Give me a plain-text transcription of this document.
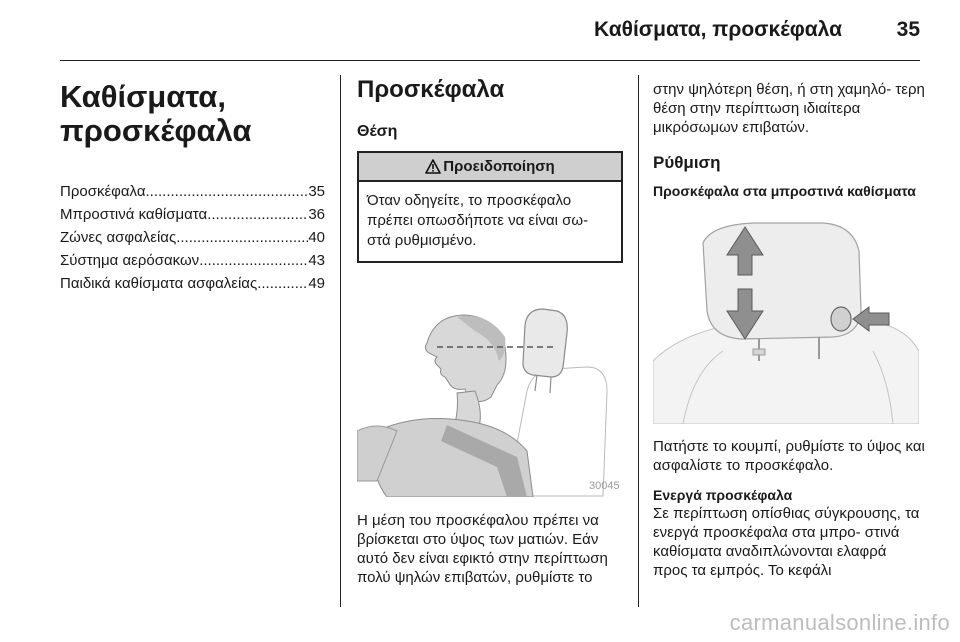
Καθίσματα, προσκέφαλα	35
Καθίσματα,
προσκέφαλα
Προσκέφαλα .....	35
Μπροστινά καθίσματα .....	36
Ζώνες ασφαλείας .....	40
Σύστημα αερόσακων .....	43
Παιδικά καθίσματα ασφαλείας .....	49
Προσκέφαλα
Θέση
Προειδοποίηση
Όταν οδηγείτε, το προσκέφαλο πρέπει οπωσδήποτε να είναι σω- στά ρυθμισμένο.
30045

Η μέση του προσκέφαλου πρέπει να βρίσκεται στο ύψος των ματιών. Εάν αυτό δεν είναι εφικτό στην περίπτωση πολύ ψηλών επιβατών, ρυθμίστε το

στην ψηλότερη θέση, ή στη χαμηλό- τερη θέση στην περίπτωση ιδιαίτερα μικρόσωμων επιβατών.

Ρύθμιση
Προσκέφαλα στα μπροστινά καθίσματα

Πατήστε το κουμπί, ρυθμίστε το ύψος και ασφαλίστε το προσκέφαλο.

Ενεργά προσκέφαλα

Σε περίπτωση οπίσθιας σύγκρουσης, τα ενεργά προσκέφαλα στα μπρο- στινά καθίσματα αναδιπλώνονται ελαφρά προς τα εμπρός. Το κεφάλι

carmanualsonline.info
